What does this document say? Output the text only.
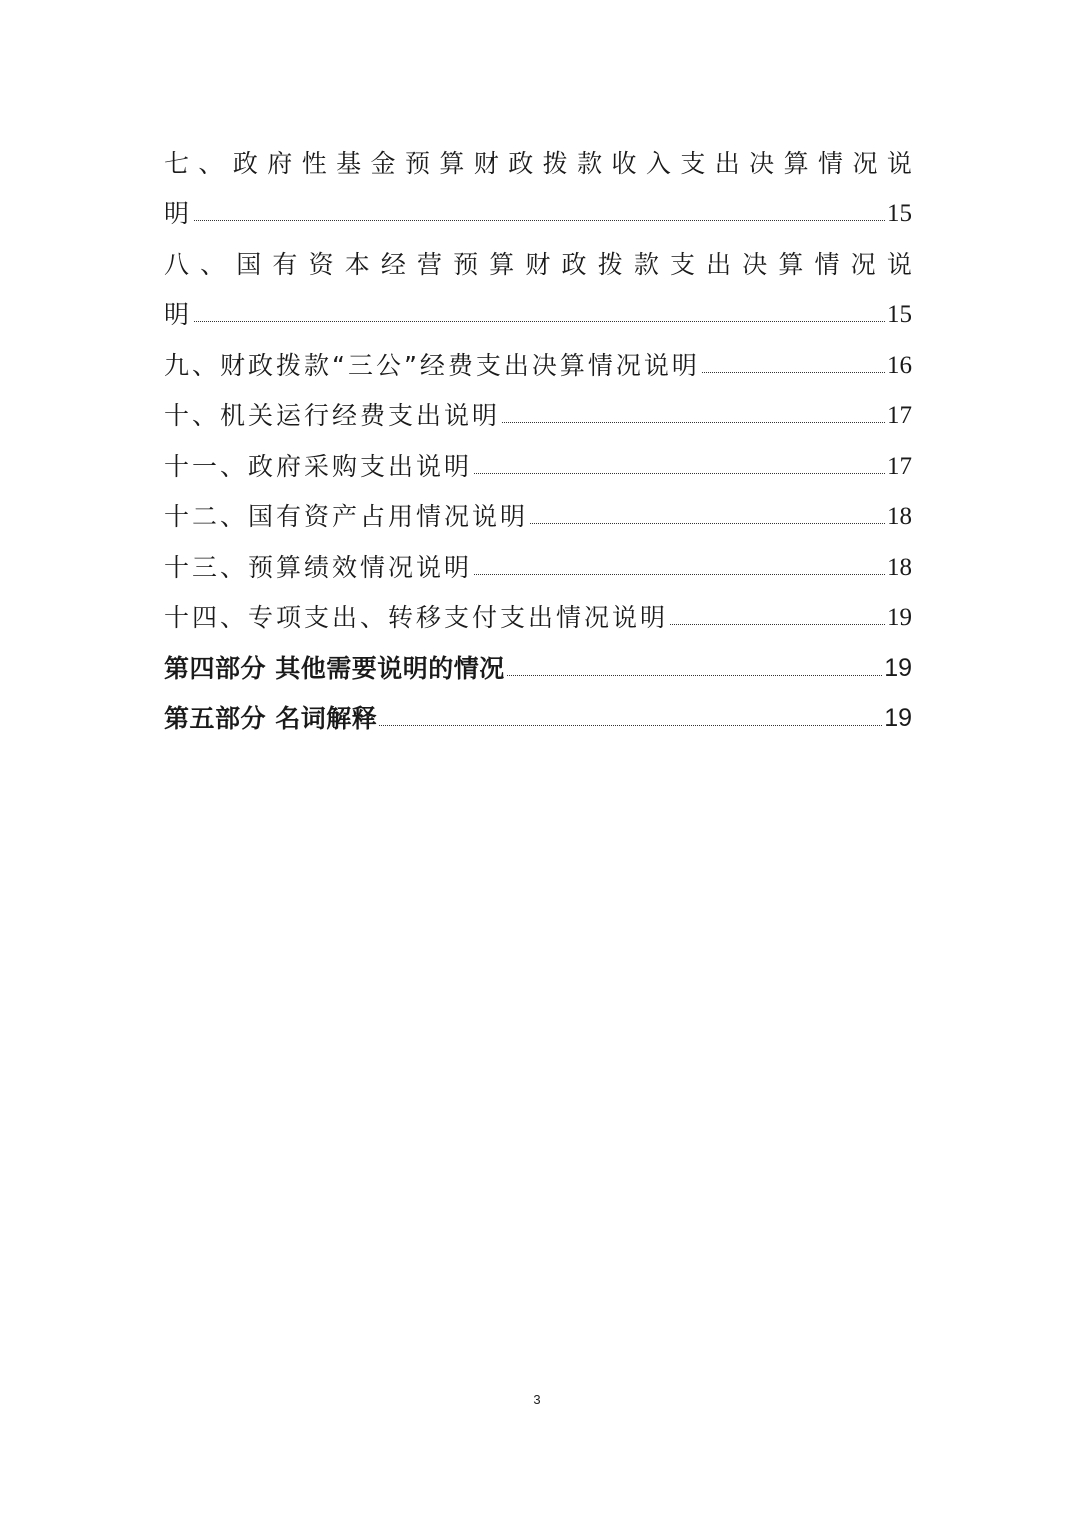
七 、 政 府 性 基 金 预 算 财 政 拨 款 收 入 支 出 决 算 情 况 说
明	15
八 、 国 有 资 本 经 营 预 算 财 政 拨 款 支 出 决 算 情 况 说
明	15
九、财政拨款“三公”经费支出决算情况说明	16
十、机关运行经费支出说明	17
十一、政府采购支出说明	17
十二、国有资产占用情况说明	18
十三、预算绩效情况说明	18
十四、专项支出、转移支付支出情况说明	19
第四部分 其他需要说明的情况	19
第五部分 名词解释	19
3
